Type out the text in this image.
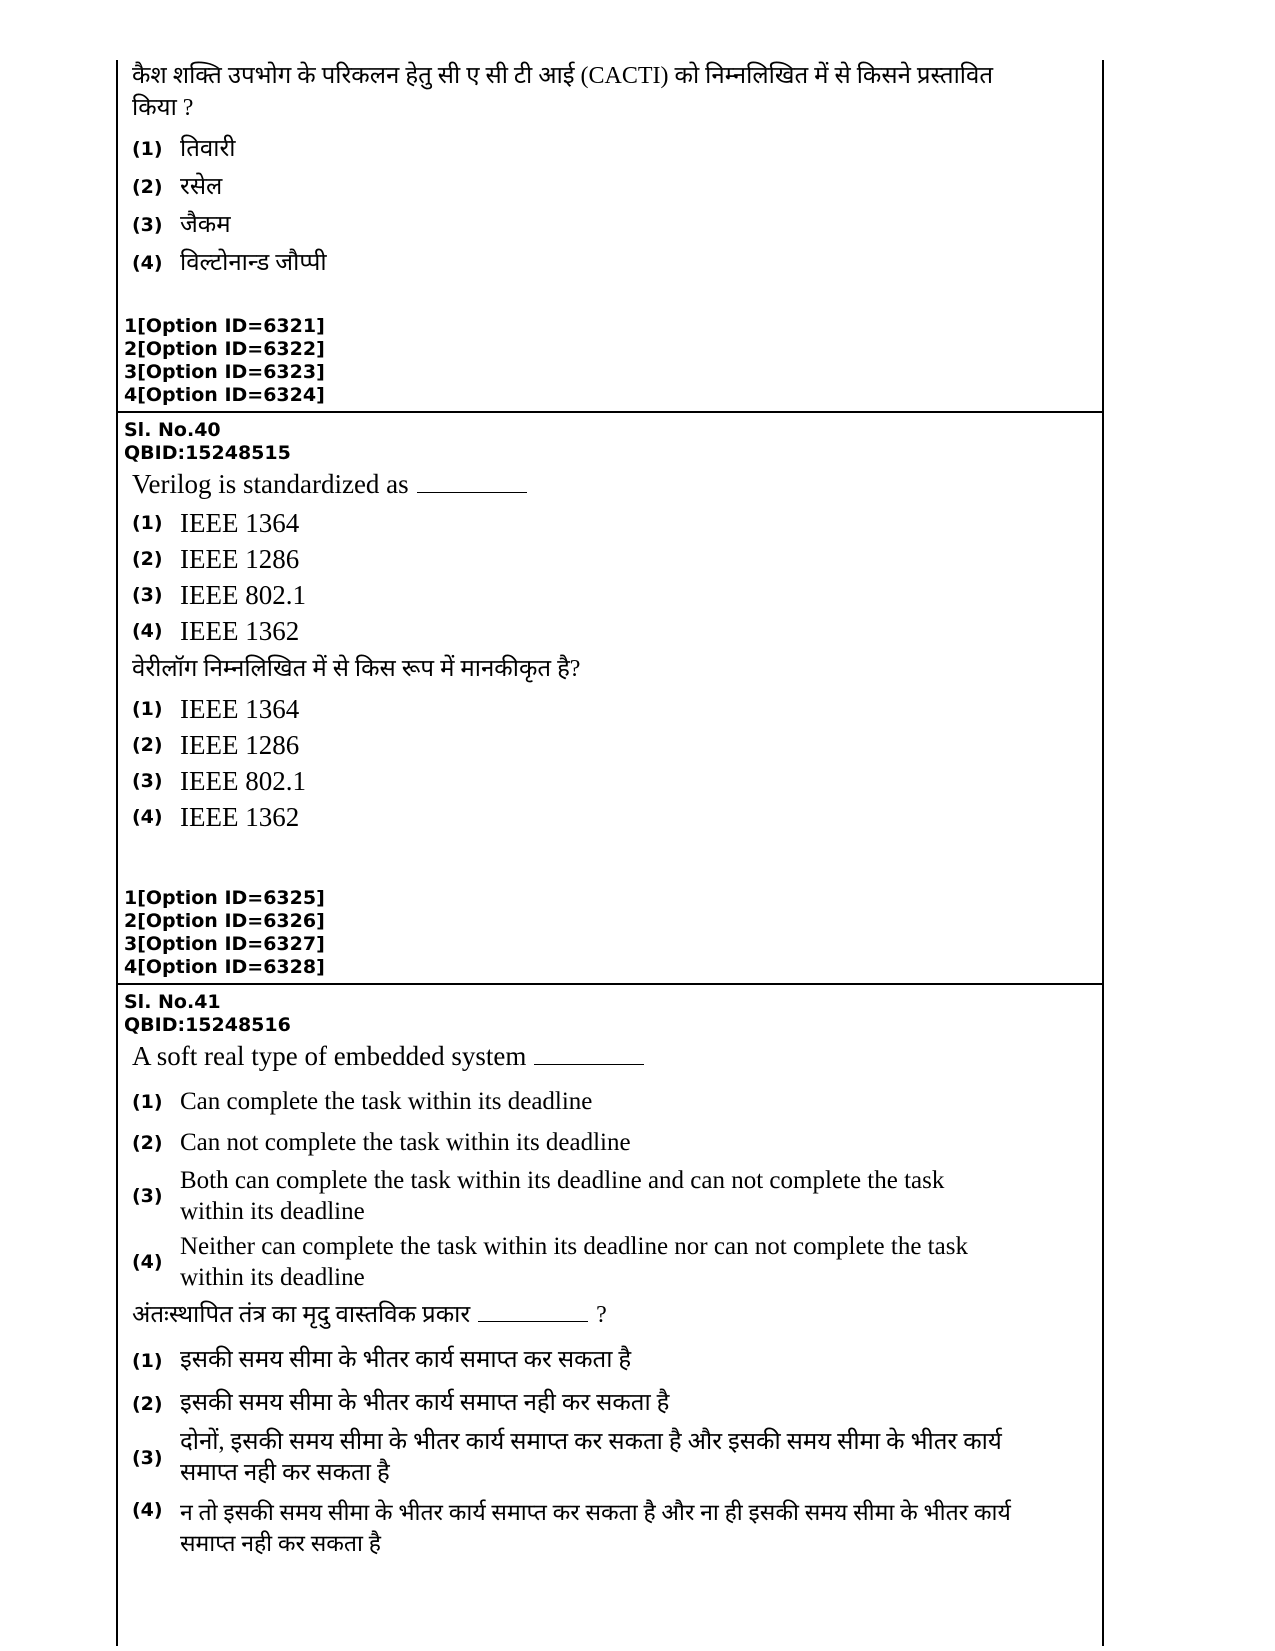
कैश शक्ति उपभोग के परिकलन हेतु सी ए सी टी आई (CACTI) को निम्नलिखित में से किसने प्रस्तावित
किया ?
(1) तिवारी
(2) रसेल
(3) जैकम
(4) विल्टोनान्ड जौप्पी

1[Option ID=6321]

2[Option ID=6322]

3[Option ID=6323]

4[Option ID=6324]

Sl. No.40

QBID:15248515

Verilog is standardized as

(1) IEEE 1364
(2) IEEE 1286
(3) IEEE 802.1
(4) IEEE 1362

वेरीलॉग निम्नलिखित में से किस रूप में मानकीकृत है?

(1) IEEE 1364
(2) IEEE 1286
(3) IEEE 802.1
(4) IEEE 1362

1[Option ID=6325]

2[Option ID=6326]

3[Option ID=6327]

4[Option ID=6328]

Sl. No.41

QBID:15248516

A soft real type of embedded system

(1) Can complete the task within its deadline
(2) Can not complete the task within its deadline
(3)
Both can complete the task within its deadline and can not complete the task
within its deadline
(4)
Neither can complete the task within its deadline nor can not complete the task
within its deadline

अंतःस्थापित तंत्र का मृदु वास्तविक प्रकार	?

(1) इसकी समय सीमा के भीतर कार्य समाप्त कर सकता है
(2) इसकी समय सीमा के भीतर कार्य समाप्त नही कर सकता है
(3)
दोनों, इसकी समय सीमा के भीतर कार्य समाप्त कर सकता है और इसकी समय सीमा के भीतर कार्य
समाप्त नही कर सकता है
(4) न तो इसकी समय सीमा के भीतर कार्य समाप्त कर सकता है और ना ही इसकी समय सीमा के भीतर कार्य
समाप्त नही कर सकता है
